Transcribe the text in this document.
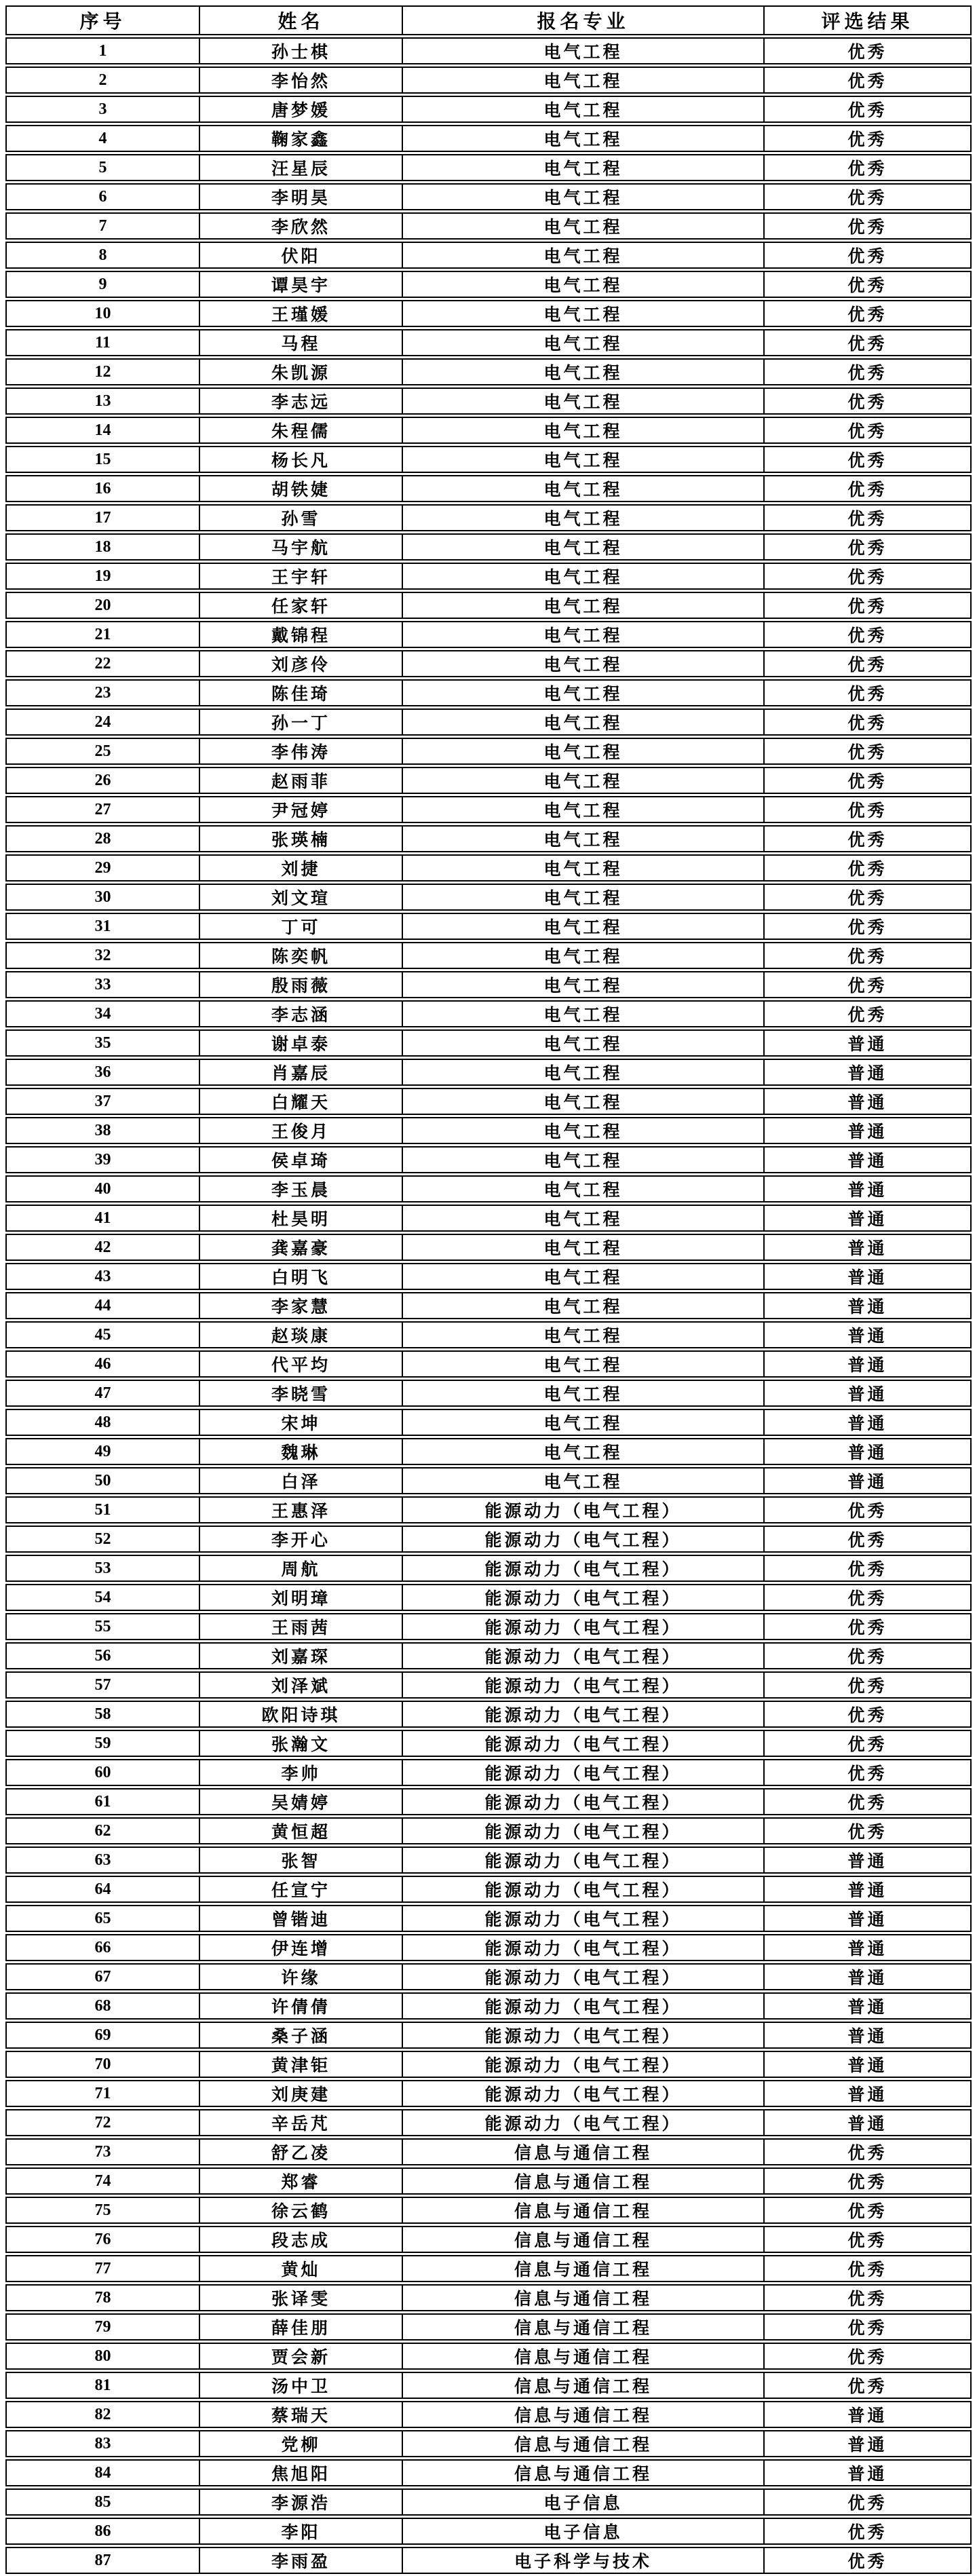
序号	姓名	报名专业	评选结果
1	孙士棋	电气工程	优秀
2	李怡然	电气工程	优秀
3	唐梦媛	电气工程	优秀
4	鞠家鑫	电气工程	优秀
5	汪星辰	电气工程	优秀
6	李明昊	电气工程	优秀
7	李欣然	电气工程	优秀
8	伏阳	电气工程	优秀
9	谭昊宇	电气工程	优秀
10	王瑾媛	电气工程	优秀
11	马程	电气工程	优秀
12	朱凯源	电气工程	优秀
13	李志远	电气工程	优秀
14	朱程儒	电气工程	优秀
15	杨长凡	电气工程	优秀
16	胡铁婕	电气工程	优秀
17	孙雪	电气工程	优秀
18	马宇航	电气工程	优秀
19	王宇轩	电气工程	优秀
20	任家轩	电气工程	优秀
21	戴锦程	电气工程	优秀
22	刘彦伶	电气工程	优秀
23	陈佳琦	电气工程	优秀
24	孙一丁	电气工程	优秀
25	李伟涛	电气工程	优秀
26	赵雨菲	电气工程	优秀
27	尹冠婷	电气工程	优秀
28	张瑛楠	电气工程	优秀
29	刘捷	电气工程	优秀
30	刘文瑄	电气工程	优秀
31	丁可	电气工程	优秀
32	陈奕帆	电气工程	优秀
33	殷雨薇	电气工程	优秀
34	李志涵	电气工程	优秀
35	谢卓泰	电气工程	普通
36	肖嘉辰	电气工程	普通
37	白耀天	电气工程	普通
38	王俊月	电气工程	普通
39	侯卓琦	电气工程	普通
40	李玉晨	电气工程	普通
41	杜昊明	电气工程	普通
42	龚嘉豪	电气工程	普通
43	白明飞	电气工程	普通
44	李家慧	电气工程	普通
45	赵琰康	电气工程	普通
46	代平均	电气工程	普通
47	李晓雪	电气工程	普通
48	宋坤	电气工程	普通
49	魏琳	电气工程	普通
50	白泽	电气工程	普通
51	王惠泽	能源动力（电气工程）	优秀
52	李开心	能源动力（电气工程）	优秀
53	周航	能源动力（电气工程）	优秀
54	刘明璋	能源动力（电气工程）	优秀
55	王雨茜	能源动力（电气工程）	优秀
56	刘嘉琛	能源动力（电气工程）	优秀
57	刘泽斌	能源动力（电气工程）	优秀
58	欧阳诗琪	能源动力（电气工程）	优秀
59	张瀚文	能源动力（电气工程）	优秀
60	李帅	能源动力（电气工程）	优秀
61	吴婧婷	能源动力（电气工程）	优秀
62	黄恒超	能源动力（电气工程）	优秀
63	张智	能源动力（电气工程）	普通
64	任宣宁	能源动力（电气工程）	普通
65	曾锴迪	能源动力（电气工程）	普通
66	伊连增	能源动力（电气工程）	普通
67	许缘	能源动力（电气工程）	普通
68	许倩倩	能源动力（电气工程）	普通
69	桑子涵	能源动力（电气工程）	普通
70	黄津钜	能源动力（电气工程）	普通
71	刘庚建	能源动力（电气工程）	普通
72	辛岳芃	能源动力（电气工程）	普通
73	舒乙凌	信息与通信工程	优秀
74	郑睿	信息与通信工程	优秀
75	徐云鹤	信息与通信工程	优秀
76	段志成	信息与通信工程	优秀
77	黄灿	信息与通信工程	优秀
78	张译雯	信息与通信工程	优秀
79	薛佳朋	信息与通信工程	优秀
80	贾会新	信息与通信工程	优秀
81	汤中卫	信息与通信工程	优秀
82	蔡瑞天	信息与通信工程	普通
83	党柳	信息与通信工程	普通
84	焦旭阳	信息与通信工程	普通
85	李源浩	电子信息	优秀
86	李阳	电子信息	优秀
87	李雨盈	电子科学与技术	优秀
